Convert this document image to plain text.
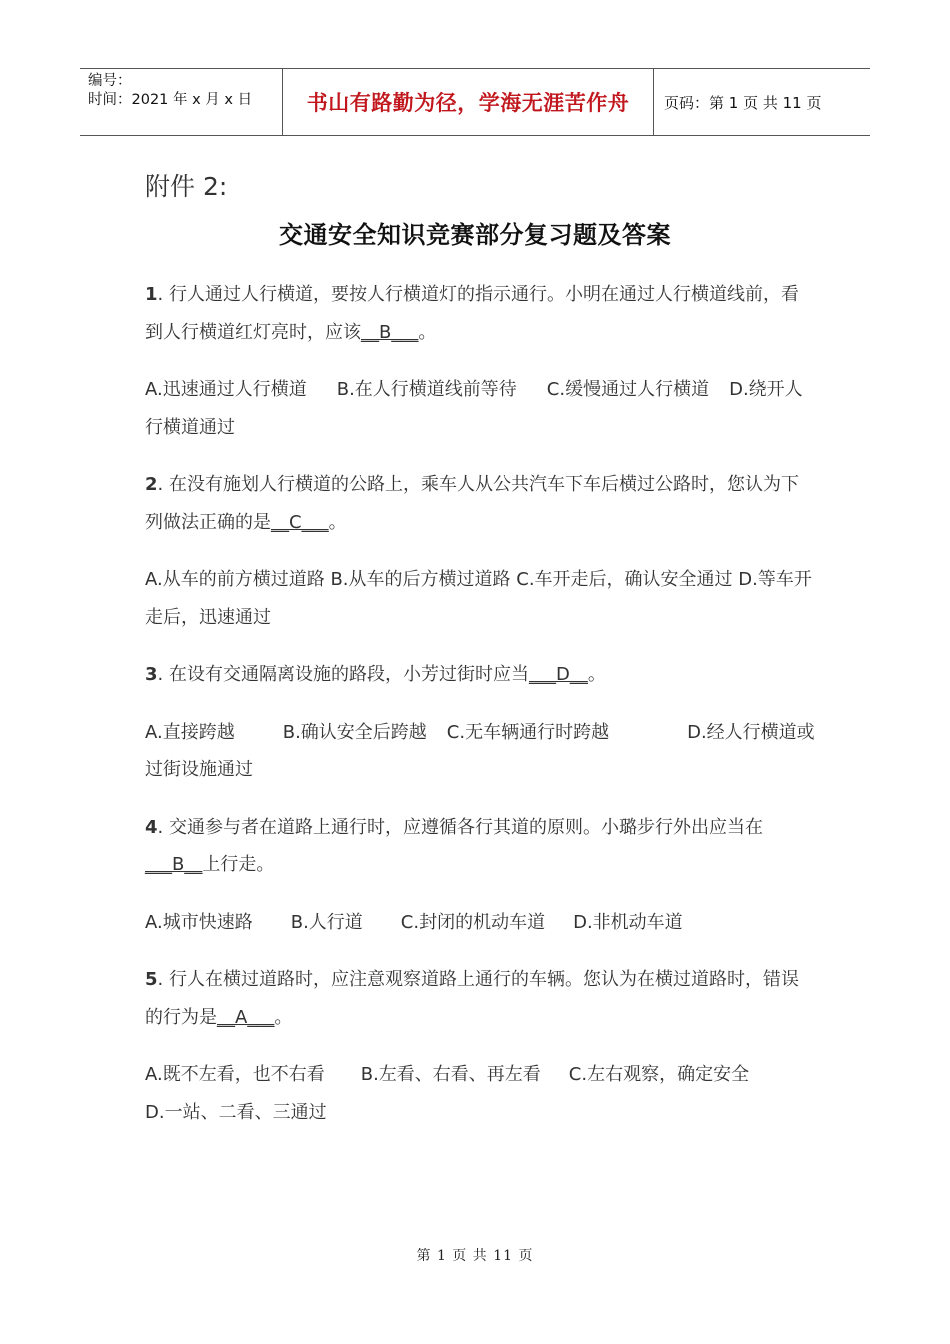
编号：
时间：2021 年 x 月 x 日	书山有路勤为径，学海无涯苦作舟	页码：第 1 页 共 11 页
附件 2:
交通安全知识竞赛部分复习题及答案
1. 行人通过人行横道，要按人行横道灯的指示通行。小明在通过人行横道线前，看到人行横道红灯亮时，应该__B___。
A.迅速通过人行横道 B.在人行横道线前等待 C.缓慢通过人行横道 D.绕开人行横道通过
2. 在没有施划人行横道的公路上，乘车人从公共汽车下车后横过公路时，您认为下列做法正确的是__C___。
A.从车的前方横过道路 B.从车的后方横过道路 C.车开走后，确认安全通过 D.等车开走后，迅速通过
3. 在设有交通隔离设施的路段，小芳过街时应当___D__。
A.直接跨越	B.确认安全后跨越 C.无车辆通行时跨越	D.经人行横道或过街设施通过
4. 交通参与者在道路上通行时，应遵循各行其道的原则。小璐步行外出应当在___B__上行走。
A.城市快速路 B.人行道 C.封闭的机动车道 D.非机动车道
5. 行人在横过道路时，应注意观察道路上通行的车辆。您认为在横过道路时，错误的行为是__A___。
A.既不左看，也不右看 B.左看、右看、再左看 C.左右观察，确定安全
D.一站、二看、三通过
第 1 页 共 11 页
